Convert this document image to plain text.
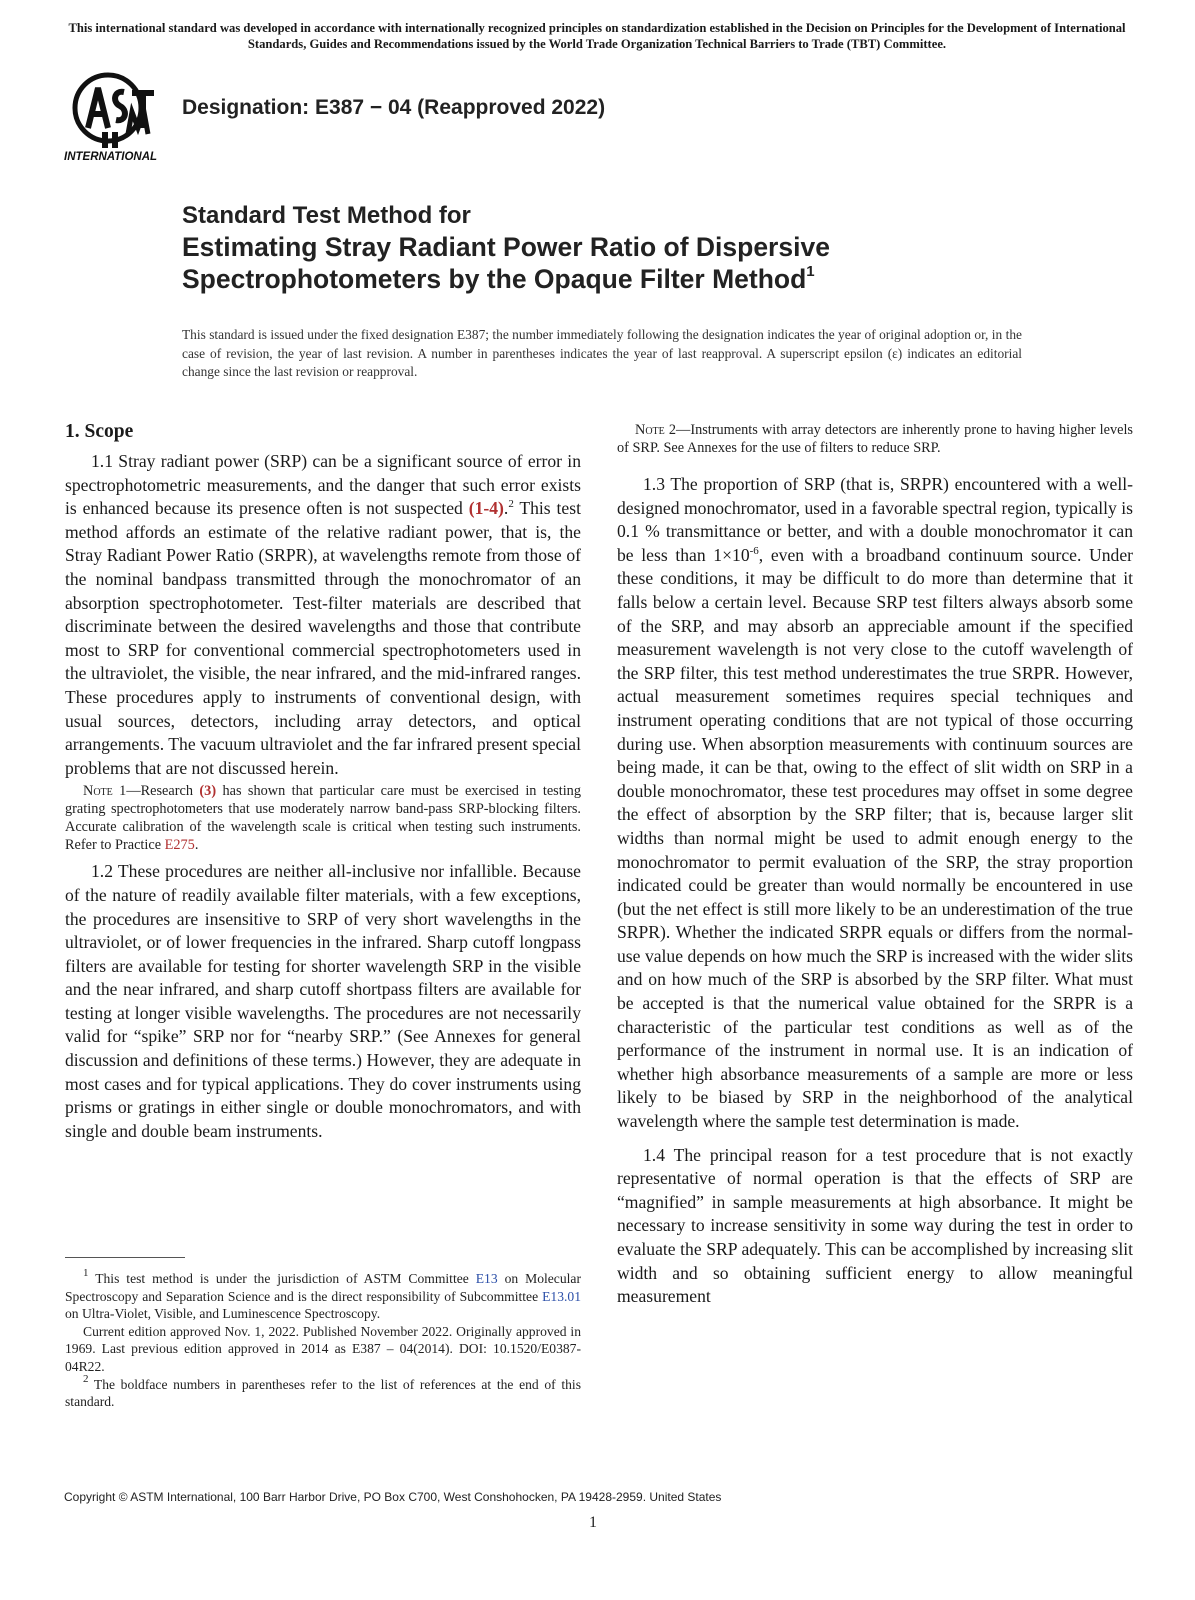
This international standard was developed in accordance with internationally recognized principles on standardization established in the Decision on Principles for the Development of International Standards, Guides and Recommendations issued by the World Trade Organization Technical Barriers to Trade (TBT) Committee.
INTERNATIONAL
Designation: E387 − 04 (Reapproved 2022)
Standard Test Method for
Estimating Stray Radiant Power Ratio of Dispersive
Spectrophotometers by the Opaque Filter Method$^1$
This standard is issued under the fixed designation E387; the number immediately following the designation indicates the year of original adoption or, in the case of revision, the year of last revision. A number in parentheses indicates the year of last reapproval. A superscript epsilon (ε) indicates an editorial change since the last revision or reapproval.
1. Scope

1.1 Stray radiant power (SRP) can be a significant source of error in spectrophotometric measurements, and the danger that such error exists is enhanced because its presence often is not suspected (1-4).$^2$ This test method affords an estimate of the relative radiant power, that is, the Stray Radiant Power Ratio (SRPR), at wavelengths remote from those of the nominal bandpass transmitted through the monochromator of an absorption spectrophotometer. Test-filter materials are described that discriminate between the desired wavelengths and those that contribute most to SRP for conventional commercial spectrophotometers used in the ultraviolet, the visible, the near infrared, and the mid-infrared ranges. These procedures apply to instruments of conventional design, with usual sources, detectors, including array detectors, and optical arrangements. The vacuum ultraviolet and the far infrared present special problems that are not discussed herein.

Note 1—Research (3) has shown that particular care must be exercised in testing grating spectrophotometers that use moderately narrow band-pass SRP-blocking filters. Accurate calibration of the wavelength scale is critical when testing such instruments. Refer to Practice E275.

1.2 These procedures are neither all-inclusive nor infallible. Because of the nature of readily available filter materials, with a few exceptions, the procedures are insensitive to SRP of very short wavelengths in the ultraviolet, or of lower frequencies in the infrared. Sharp cutoff longpass filters are available for testing for shorter wavelength SRP in the visible and the near infrared, and sharp cutoff shortpass filters are available for testing at longer visible wavelengths. The procedures are not necessarily valid for “spike” SRP nor for “nearby SRP.” (See Annexes for general discussion and definitions of these terms.) However, they are adequate in most cases and for typical applications. They do cover instruments using prisms or gratings in either single or double monochromators, and with single and double beam instruments.

Note 2—Instruments with array detectors are inherently prone to having higher levels of SRP. See Annexes for the use of filters to reduce SRP.

1.3 The proportion of SRP (that is, SRPR) encountered with a well-designed monochromator, used in a favorable spectral region, typically is 0.1 % transmittance or better, and with a double monochromator it can be less than $1\times 10^{-6}$, even with a broadband continuum source. Under these conditions, it may be difficult to do more than determine that it falls below a certain level. Because SRP test filters always absorb some of the SRP, and may absorb an appreciable amount if the specified measurement wavelength is not very close to the cutoff wavelength of the SRP filter, this test method underestimates the true SRPR. However, actual measurement sometimes requires special techniques and instrument operating conditions that are not typical of those occurring during use. When absorption measurements with continuum sources are being made, it can be that, owing to the effect of slit width on SRP in a double monochromator, these test procedures may offset in some degree the effect of absorption by the SRP filter; that is, because larger slit widths than normal might be used to admit enough energy to the monochromator to permit evaluation of the SRP, the stray proportion indicated could be greater than would normally be encountered in use (but the net effect is still more likely to be an underestimation of the true SRPR). Whether the indicated SRPR equals or differs from the normal-use value depends on how much the SRP is increased with the wider slits and on how much of the SRP is absorbed by the SRP filter. What must be accepted is that the numerical value obtained for the SRPR is a characteristic of the particular test conditions as well as of the performance of the instrument in normal use. It is an indication of whether high absorbance measurements of a sample are more or less likely to be biased by SRP in the neighborhood of the analytical wavelength where the sample test determination is made.

1.4 The principal reason for a test procedure that is not exactly representative of normal operation is that the effects of SRP are “magnified” in sample measurements at high absorbance. It might be necessary to increase sensitivity in some way during the test in order to evaluate the SRP adequately. This can be accomplished by increasing slit width and so obtaining sufficient energy to allow meaningful measurement

$^1$ This test method is under the jurisdiction of ASTM Committee E13 on Molecular Spectroscopy and Separation Science and is the direct responsibility of Subcommittee E13.01 on Ultra-Violet, Visible, and Luminescence Spectroscopy.

Current edition approved Nov. 1, 2022. Published November 2022. Originally approved in 1969. Last previous edition approved in 2014 as E387 – 04(2014). DOI: 10.1520/E0387-04R22.

$^2$ The boldface numbers in parentheses refer to the list of references at the end of this standard.

Copyright © ASTM International, 100 Barr Harbor Drive, PO Box C700, West Conshohocken, PA 19428-2959. United States
1
